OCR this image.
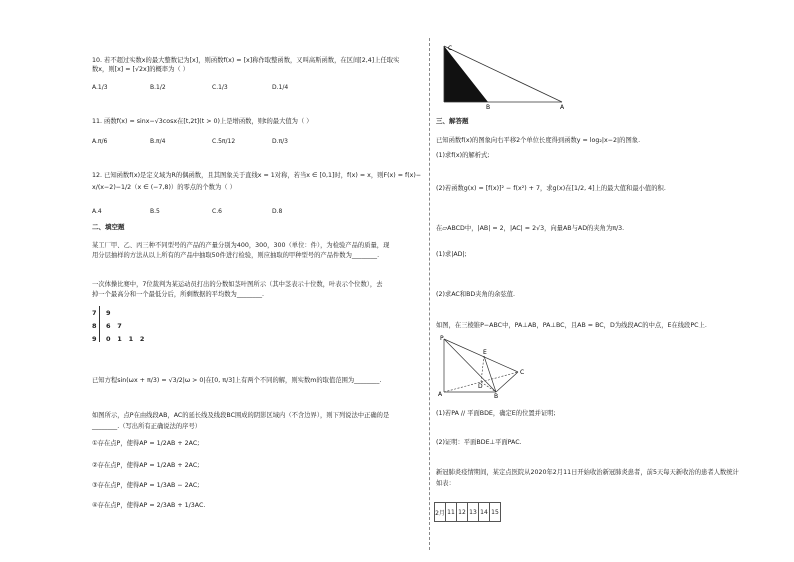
10. 若不超过实数x的最大整数记为[x]，则函数f(x) = [x]称作取整函数，又叫高斯函数，在区间[2,4]上任取实
数x，则[x] = [√2x]的概率为（ ）
A.1/3	B.1/2	C.1/3	D.1/4
11. 函数f(x) = sinx−√3cosx在[t,2t](t > 0)上是增函数，则t的最大值为（ ）
A.π/6	B.π/4	C.5π/12	D.π/3
12. 已知函数f(x)是定义域为R的偶函数，且其图象关于直线x = 1对称，若当x ∈ [0,1]时，f(x) = x，则F(x) = f(x)−
x/(x−2)−1/2（x ∈ (−7,8)）的零点的个数为（ ）
A.4	B.5	C.6	D.8
二、填空题
某工厂甲、乙、丙三种不同型号的产品的产量分别为400，300，300（单位：件），为检验产品的质量，现
用分层抽样的方法从以上所有的产品中抽取50件进行检验，则应抽取的甲种型号的产品件数为________.
一次体操比赛中，7位裁判为某运动员打出的分数如茎叶图所示（其中茎表示十位数，叶表示个位数），去
掉一个最高分和一个最低分后，所剩数据的平均数为________.
7 9
8 6   7
9 0   1   1   2
已知方程sin(ωx + π/3) = √3/2|ω > 0|在[0, π/3]上有两个不同的解，则实数m的取值范围为________.
如图所示，点P在由线段AB，AC的延长线及线段BC围成的阴影区域内（不含边界），则下列说法中正确的是
________.（写出所有正确说法的序号）
①存在点P，使得AP = 1/2AB + 2AC;
②存在点P，使得AP = 1/2AB + 2AC;
③存在点P，使得AP = 1/3AB − 2AC;
④存在点P，使得AP = 2/3AB + 1/3AC.
C
B	A
三、解答题
已知函数f(x)的图象向右平移2个单位长度得到函数y = log₂|x−2|的图象.
(1)求f(x)的解析式;
(2)若函数g(x) = [f(x)]² − f(x²) + 7，求g(x)在[1/2, 4]上的最大值和最小值的积.
在▱ABCD中，|AB| = 2，|AC| = 2√3，向量AB与AD的夹角为π/3.
(1)求|AD|;
(2)求AC和BD夹角的余弦值.
如图，在三棱锥P−ABC中，PA⊥AB，PA⊥BC，且AB = BC，D为线段AC的中点，E在线段PC上.
P
E
A
D
C
B
(1)若PA // 平面BDE，确定E的位置并证明;
(2)证明：平面BDE⊥平面PAC.
新冠肺炎疫情期间，某定点医院从2020年2月11日开始收治新冠肺炎患者，前5天每天新收治的患者人数统计
如表：
2月	11	12	13	14	15
